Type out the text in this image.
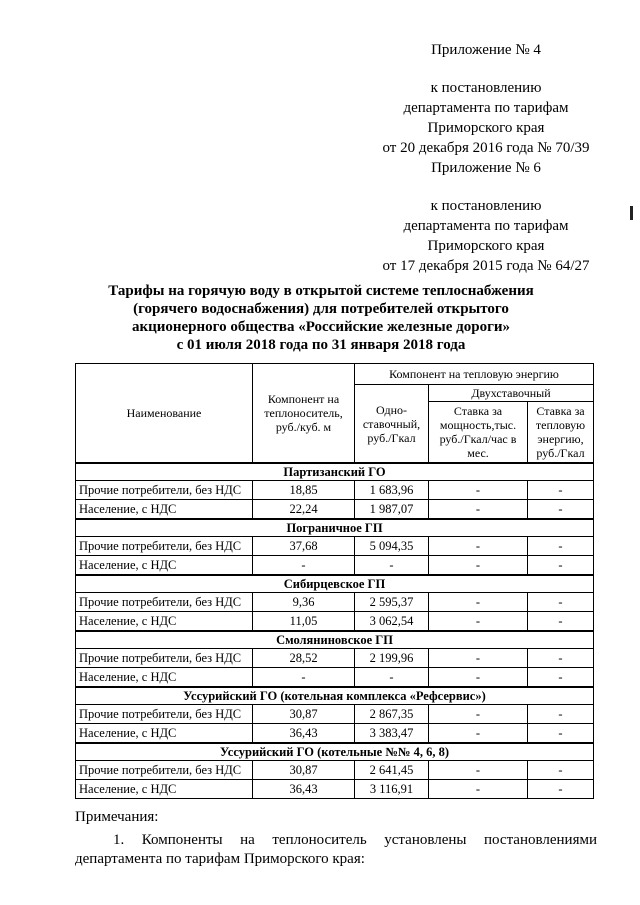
Приложение № 4
к постановлению
департамента по тарифам
Приморского края
от 20 декабря 2016 года № 70/39
Приложение № 6
к постановлению
департамента по тарифам
Приморского края
от 17 декабря 2015 года № 64/27
Тарифы на горячую воду в открытой системе теплоснабжения
(горячего водоснабжения) для потребителей открытого
акционерного общества «Российские железные дороги»
с 01 июля 2018 года по 31 января 2018 года
Наименование	Компонент на теплоноситель, руб./куб. м	Компонент на тепловую энергию		
		Одно-ставочный, руб./Гкал	Двухставочный	
			Ставка за мощность,тыс. руб./Гкал/час в мес.	Ставка за тепловую энергию, руб./Гкал
Партизанский ГО				
Прочие потребители, без НДС	18,85	1 683,96	-	-
Население, с НДС	22,24	1 987,07	-	-
Пограничное ГП				
Прочие потребители, без НДС	37,68	5 094,35	-	-
Население, с НДС	-	-	-	-
Сибирцевское ГП				
Прочие потребители, без НДС	9,36	2 595,37	-	-
Население, с НДС	11,05	3 062,54	-	-
Смоляниновское ГП				
Прочие потребители, без НДС	28,52	2 199,96	-	-
Население, с НДС	-	-	-	-
Уссурийский ГО (котельная комплекса «Рефсервис»)				
Прочие потребители, без НДС	30,87	2 867,35	-	-
Население, с НДС	36,43	3 383,47	-	-
Уссурийский ГО (котельные №№ 4, 6, 8)				
Прочие потребители, без НДС	30,87	2 641,45	-	-
Население, с НДС	36,43	3 116,91	-	-
Примечания:
1. Компоненты на теплоноситель установлены постановлениями
департамента по тарифам Приморского края:
